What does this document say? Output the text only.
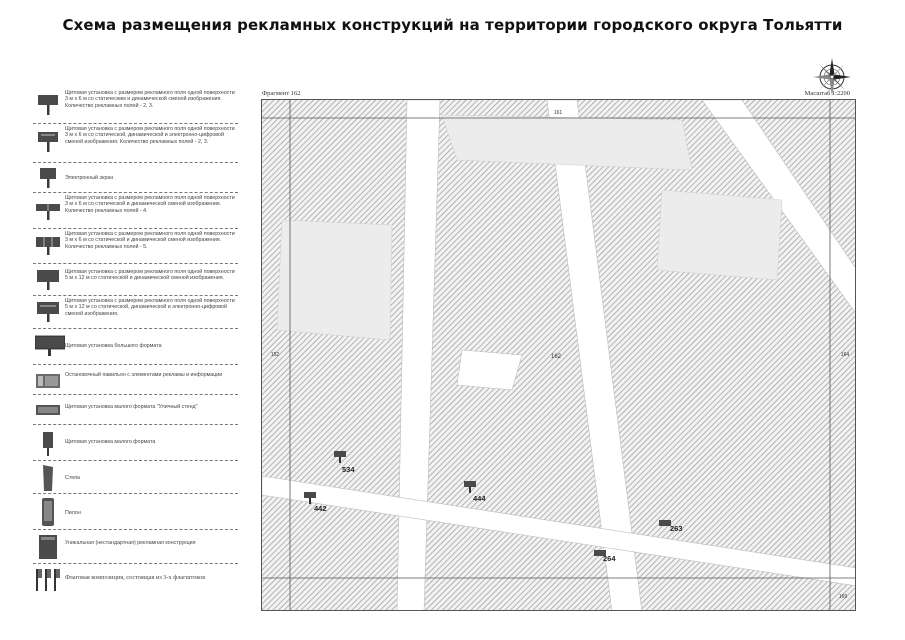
Схема размещения рекламных конструкций на территории городского округа Тольятти
Щитовая установка с размером рекламного поля одной поверхности 3 м х 6 м со статическим и динамической сменой изображения. Количество рекламных полей - 2, 3.
Щитовая установка с размером рекламного поля одной поверхности 3 м х 6 м со статической, динамической и электронно-цифровой сменой изображения. Количество рекламных полей - 2, 3.
Электронный экран
Щитовая установка с размером рекламного поля одной поверхности 3 м х 6 м со статической и динамической сменой изображения. Количество рекламных полей - 4.
Щитовая установка с размером рекламного поля одной поверхности 3 м х 6 м со статической и динамической сменой изображения. Количество рекламных полей - 5.
Щитовая установка с размером рекламного поля одной поверхности 5 м х 12 м со статической и динамической сменой изображения.
Щитовая установка с размером рекламного поля одной поверхности 5 м х 12 м со статической, динамической и электронно-цифровой сменой изображения.
Щитовая установка большого формата
Остановочный павильон с элементами рекламы и информации
Щитовая установка малого формата "Уличный стенд"
Щитовая установка малого формата
Стела
Пилон
Уникальная (нестандартная) рекламная конструкция
Флаговая композиция, состоящая из 3-х флагштоков
Фрагмент 162	Масштаб 1:2200
161
152	162	164
169
534
442
444
263
264
